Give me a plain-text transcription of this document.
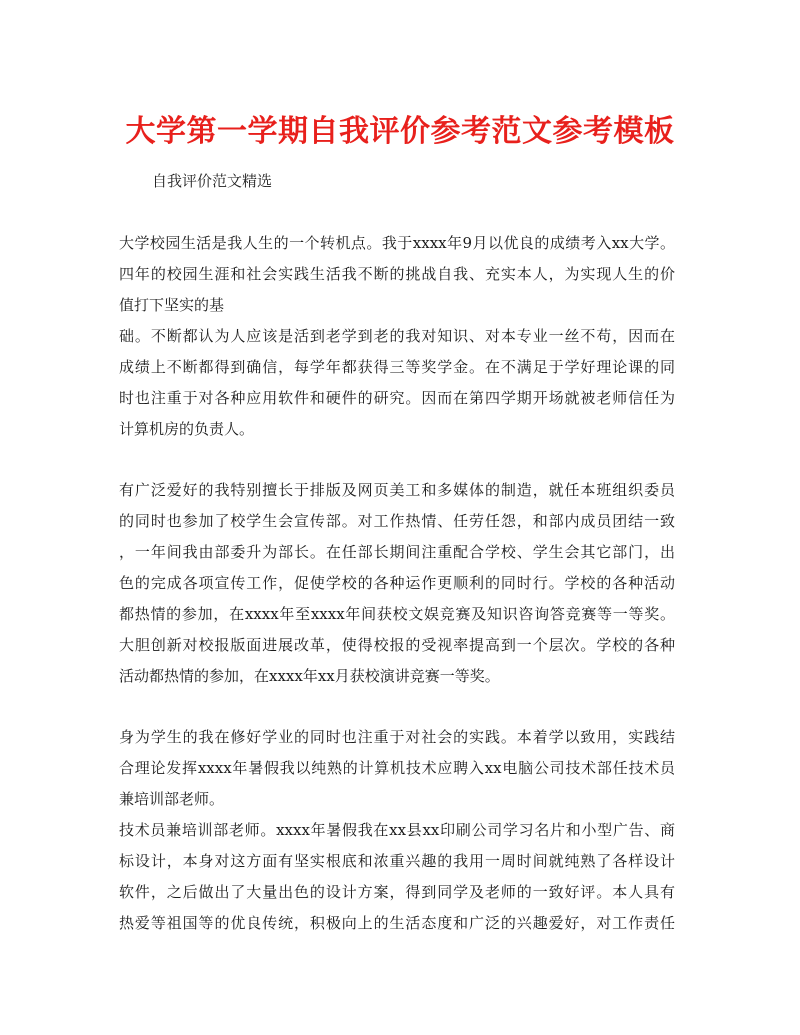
大学第一学期自我评价参考范文参考模板
自我评价范文精选
大学校园生活是我人生的一个转机点。我于xxxx年9月以优良的成绩考入xx大学。
四年的校园生涯和社会实践生活我不断的挑战自我、充实本人，为实现人生的价
值打下坚实的基
础。不断都认为人应该是活到老学到老的我对知识、对本专业一丝不苟，因而在
成绩上不断都得到确信，每学年都获得三等奖学金。在不满足于学好理论课的同
时也注重于对各种应用软件和硬件的研究。因而在第四学期开场就被老师信任为
计算机房的负责人。
有广泛爱好的我特别擅长于排版及网页美工和多媒体的制造，就任本班组织委员
的同时也参加了校学生会宣传部。对工作热情、任劳任怨，和部内成员团结一致
，一年间我由部委升为部长。在任部长期间注重配合学校、学生会其它部门，出
色的完成各项宣传工作，促使学校的各种运作更顺利的同时行。学校的各种活动
都热情的参加，在xxxx年至xxxx年间获校文娱竞赛及知识咨询答竞赛等一等奖。
大胆创新对校报版面进展改革，使得校报的受视率提高到一个层次。学校的各种
活动都热情的参加，在xxxx年xx月获校演讲竞赛一等奖。
身为学生的我在修好学业的同时也注重于对社会的实践。本着学以致用，实践结
合理论发挥xxxx年暑假我以纯熟的计算机技术应聘入xx电脑公司技术部任技术员
兼培训部老师。
技术员兼培训部老师。xxxx年暑假我在xx县xx印刷公司学习名片和小型广告、商
标设计，本身对这方面有坚实根底和浓重兴趣的我用一周时间就纯熟了各样设计
软件，之后做出了大量出色的设计方案，得到同学及老师的一致好评。本人具有
热爱等祖国等的优良传统，积极向上的生活态度和广泛的兴趣爱好，对工作责任
